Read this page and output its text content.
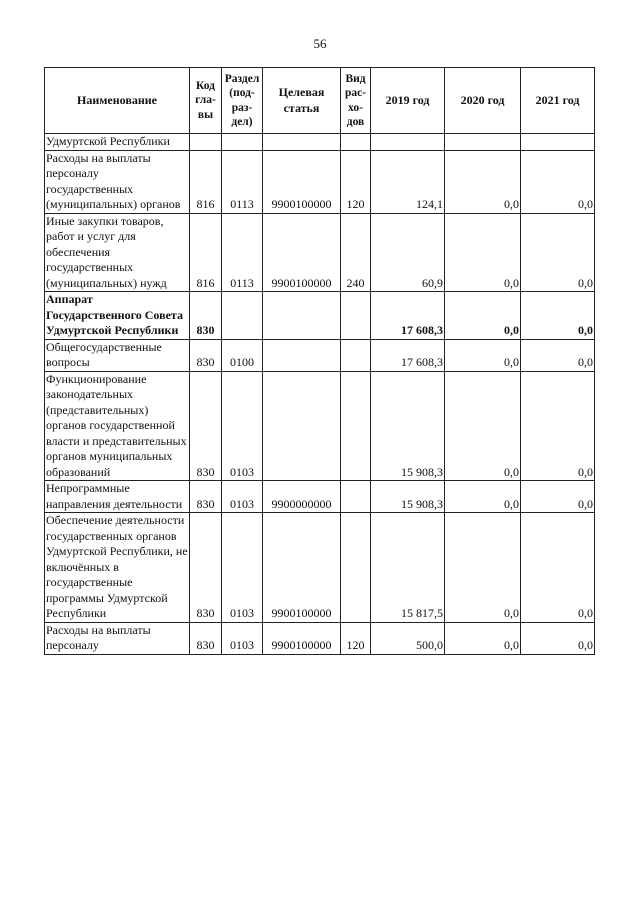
56
Наименование	Код гла- вы	Раздел (под- раз- дел)	Целевая статья	Вид рас- хо- дов	2019 год	2020 год	2021 год
Удмуртской Республики							
Расходы на выплаты персоналу государственных (муниципальных) органов	816	0113	9900100000	120	124,1	0,0	0,0
Иные закупки товаров, работ и услуг для обеспечения государственных (муниципальных) нужд	816	0113	9900100000	240	60,9	0,0	0,0
Аппарат Государственного Совета Удмуртской Республики	830				17 608,3	0,0	0,0
Общегосударственные вопросы	830	0100			17 608,3	0,0	0,0
Функционирование законодательных (представительных) органов государственной власти и представительных органов муниципальных образований	830	0103			15 908,3	0,0	0,0
Непрограммные направления деятельности	830	0103	9900000000		15 908,3	0,0	0,0
Обеспечение деятельности государственных органов Удмуртской Республики, не включённых в государственные программы Удмуртской Республики	830	0103	9900100000		15 817,5	0,0	0,0
Расходы на выплаты персоналу	830	0103	9900100000	120	500,0	0,0	0,0
